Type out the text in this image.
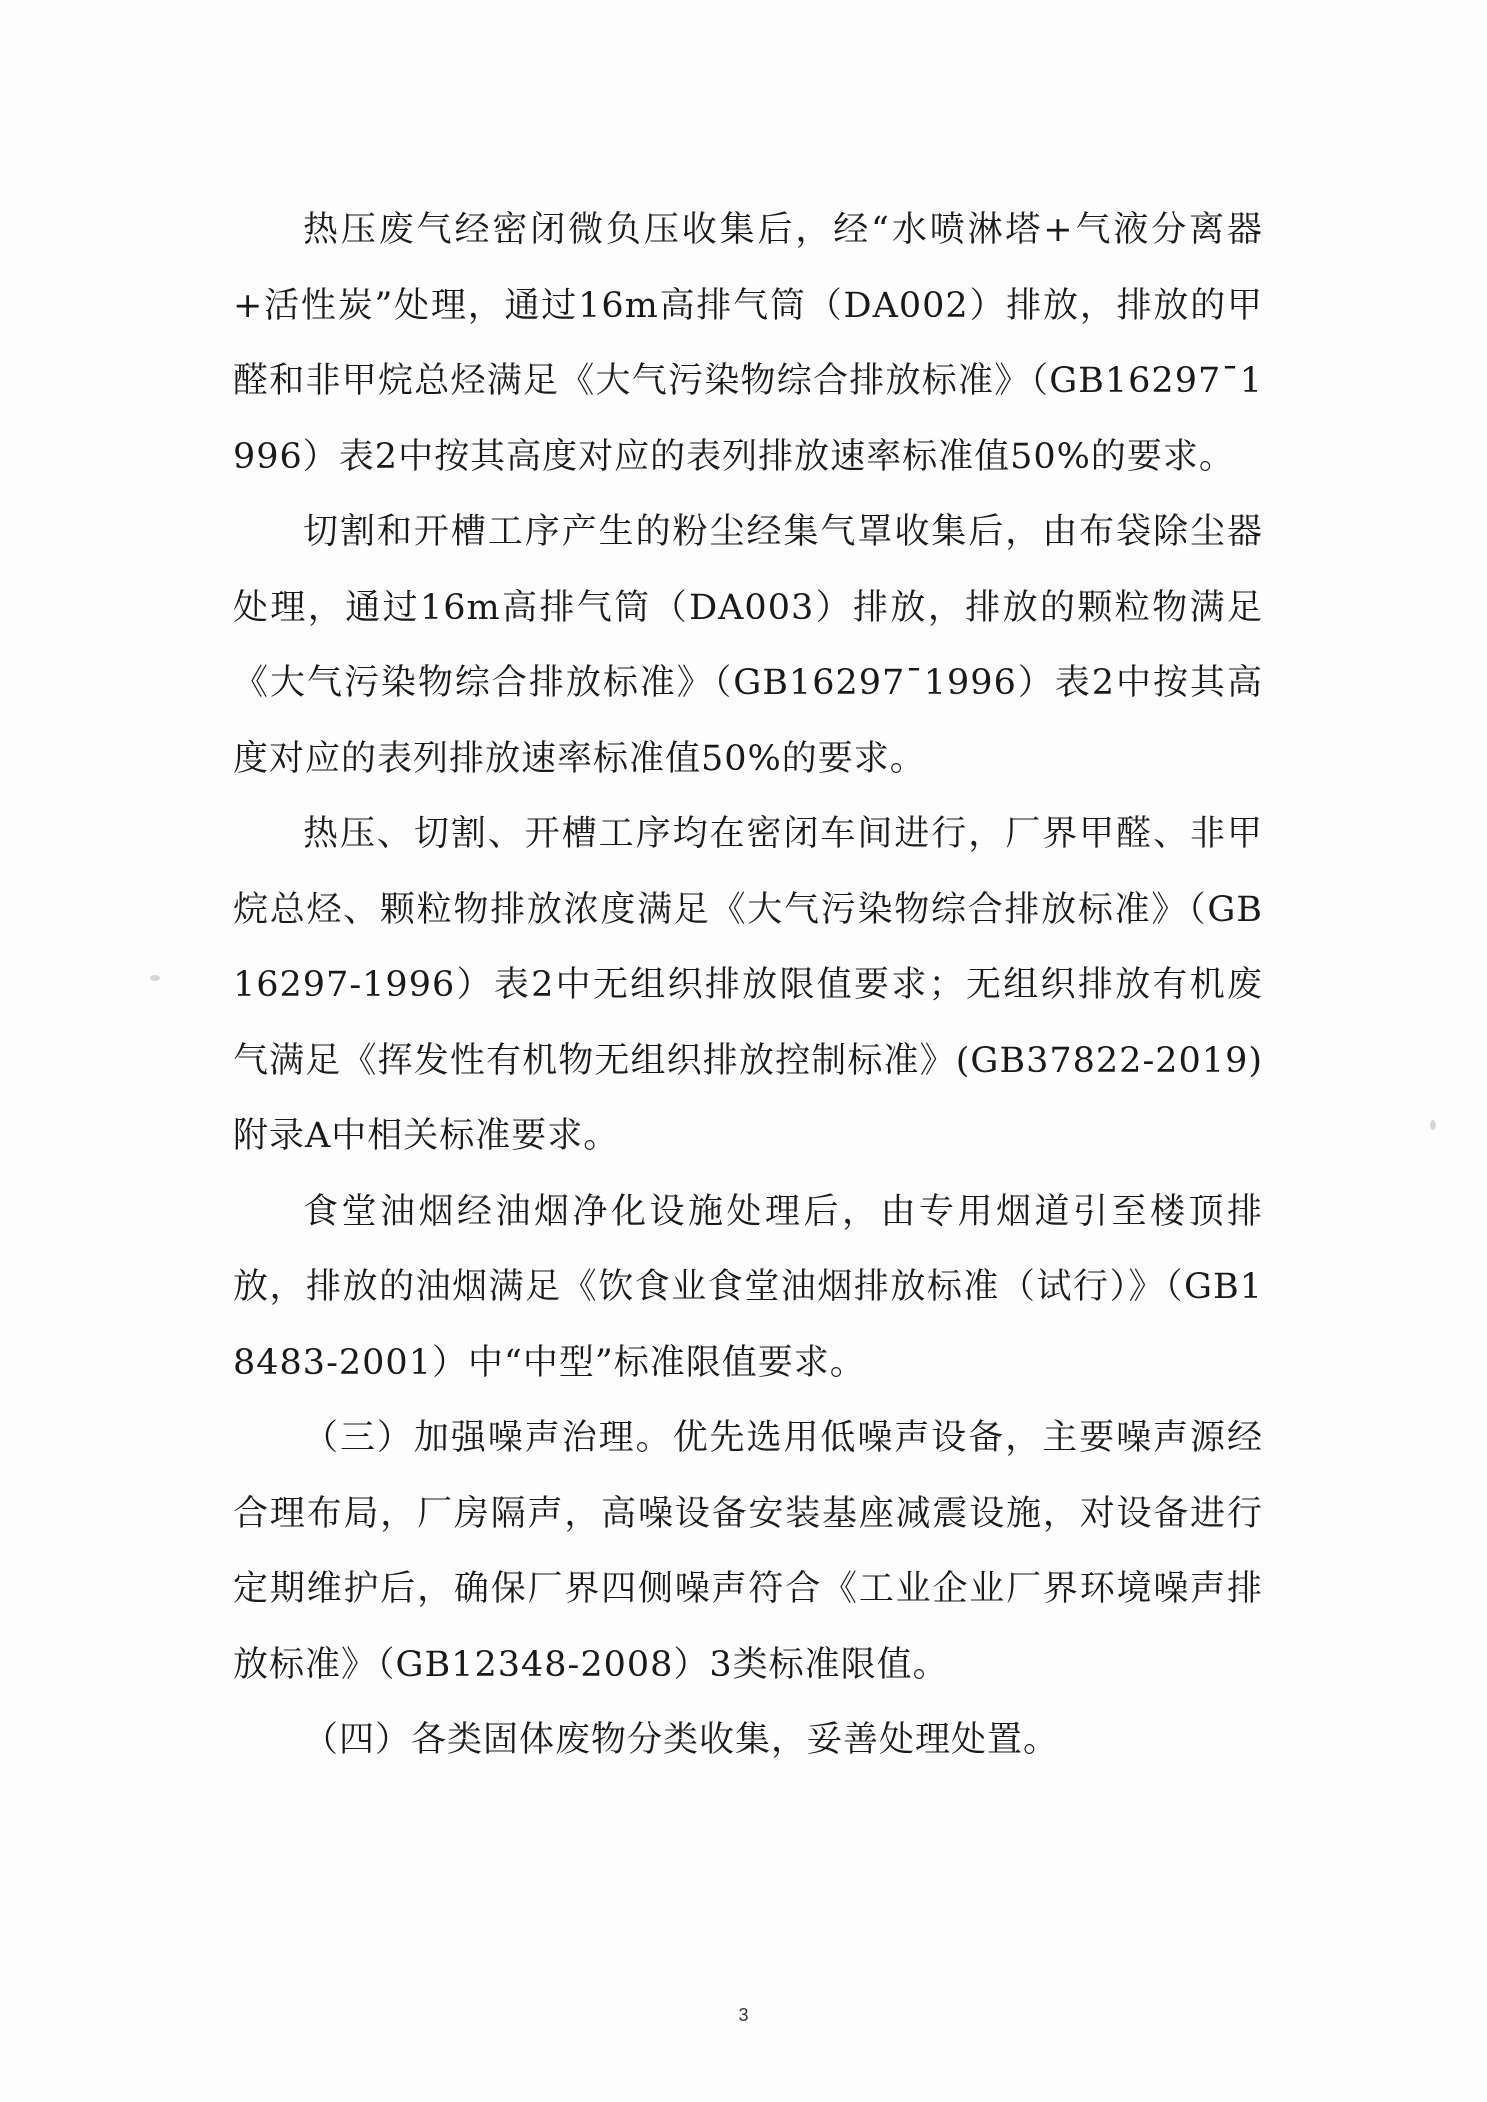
热压废气经密闭微负压收集后，经“水喷淋塔+气液分离器+活性炭”处理，通过16m高排气筒（DA002）排放，排放的甲醛和非甲烷总烃满足《大气污染物综合排放标准》（GB16297¯1996）表2中按其高度对应的表列排放速率标准值50%的要求。

切割和开槽工序产生的粉尘经集气罩收集后，由布袋除尘器处理，通过16m高排气筒（DA003）排放，排放的颗粒物满足《大气污染物综合排放标准》（GB16297¯1996）表2中按其高度对应的表列排放速率标准值50%的要求。

热压、切割、开槽工序均在密闭车间进行，厂界甲醛、非甲烷总烃、颗粒物排放浓度满足《大气污染物综合排放标准》（GB16297-1996）表2中无组织排放限值要求；无组织排放有机废气满足《挥发性有机物无组织排放控制标准》(GB37822-2019)附录A中相关标准要求。

食堂油烟经油烟净化设施处理后，由专用烟道引至楼顶排放，排放的油烟满足《饮食业食堂油烟排放标准（试行）》（GB18483-2001）中“中型”标准限值要求。

（三）加强噪声治理。优先选用低噪声设备，主要噪声源经合理布局，厂房隔声，高噪设备安装基座减震设施，对设备进行定期维护后，确保厂界四侧噪声符合《工业企业厂界环境噪声排放标准》（GB12348-2008）3类标准限值。

（四）各类固体废物分类收集，妥善处理处置。

3
